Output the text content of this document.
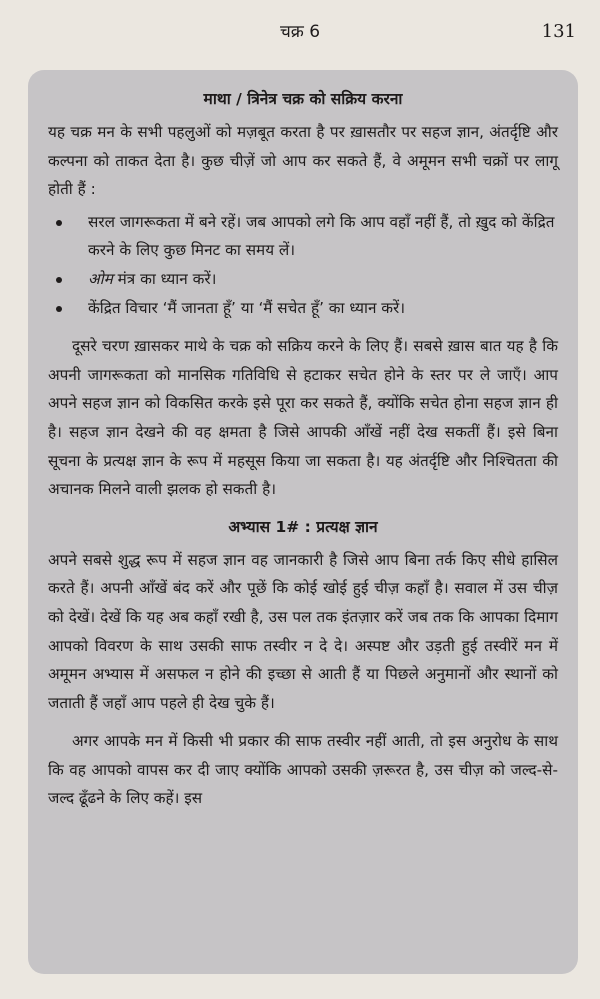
चक्र 6	131
माथा / त्रिनेत्र चक्र को सक्रिय करना

यह चक्र मन के सभी पहलुओं को मज़बूत करता है पर ख़ासतौर पर सहज ज्ञान, अंतर्दृष्टि और कल्पना को ताकत देता है। कुछ चीज़ें जो आप कर सकते हैं, वे अमूमन सभी चक्रों पर लागू होती हैं :

सरल जागरूकता में बने रहें। जब आपको लगे कि आप वहाँ नहीं हैं, तो ख़ुद को केंद्रित करने के लिए कुछ मिनट का समय लें।
ओम मंत्र का ध्यान करें।
केंद्रित विचार ‘मैं जानता हूँ’ या ‘मैं सचेत हूँ’ का ध्यान करें।

दूसरे चरण ख़ासकर माथे के चक्र को सक्रिय करने के लिए हैं। सबसे ख़ास बात यह है कि अपनी जागरूकता को मानसिक गतिविधि से हटाकर सचेत होने के स्तर पर ले जाएँ। आप अपने सहज ज्ञान को विकसित करके इसे पूरा कर सकते हैं, क्योंकि सचेत होना सहज ज्ञान ही है। सहज ज्ञान देखने की वह क्षमता है जिसे आपकी आँखें नहीं देख सकतीं हैं। इसे बिना सूचना के प्रत्यक्ष ज्ञान के रूप में महसूस किया जा सकता है। यह अंतर्दृष्टि और निश्चितता की अचानक मिलने वाली झलक हो सकती है।

अभ्यास 1# : प्रत्यक्ष ज्ञान

अपने सबसे शुद्ध रूप में सहज ज्ञान वह जानकारी है जिसे आप बिना तर्क किए सीधे हासिल करते हैं। अपनी आँखें बंद करें और पूछें कि कोई खोई हुई चीज़ कहाँ है। सवाल में उस चीज़ को देखें। देखें कि यह अब कहाँ रखी है, उस पल तक इंतज़ार करें जब तक कि आपका दिमाग आपको विवरण के साथ उसकी साफ तस्वीर न दे दे। अस्पष्ट और उड़ती हुई तस्वीरें मन में अमूमन अभ्यास में असफल न होने की इच्छा से आती हैं या पिछले अनुमानों और स्थानों को जताती हैं जहाँ आप पहले ही देख चुके हैं।

अगर आपके मन में किसी भी प्रकार की साफ तस्वीर नहीं आती, तो इस अनुरोध के साथ कि वह आपको वापस कर दी जाए क्योंकि आपको उसकी ज़रूरत है, उस चीज़ को जल्द-से-जल्द ढूँढने के लिए कहें। इस
